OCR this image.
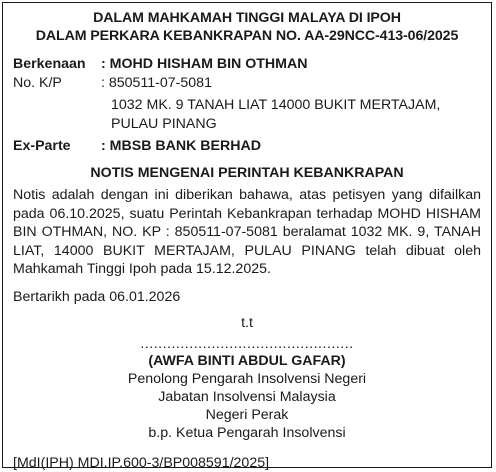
DALAM MAHKAMAH TINGGI MALAYA DI IPOH
DALAM PERKARA KEBANKRAPAN NO. AA-29NCC-413-06/2025
Berkenaan	: MOHD HISHAM BIN OTHMAN
No. K/P	: 850511-07-5081
1032 MK. 9 TANAH LIAT 14000 BUKIT MERTAJAM,
PULAU PINANG
Ex-Parte	: MBSB BANK BERHAD
NOTIS MENGENAI PERINTAH KEBANKRAPAN
Notis adalah dengan ini diberikan bahawa, atas petisyen yang difailkan pada 06.10.2025, suatu Perintah Kebankrapan terhadap MOHD HISHAM BIN OTHMAN, NO. KP : 850511-07-5081 beralamat 1032 MK. 9, TANAH LIAT, 14000 BUKIT MERTAJAM, PULAU PINANG telah dibuat oleh Mahkamah Tinggi Ipoh pada 15.12.2025.
Bertarikh pada 06.01.2026
t.t
................................................
(AWFA BINTI ABDUL GAFAR)
Penolong Pengarah Insolvensi Negeri
Jabatan Insolvensi Malaysia
Negeri Perak
b.p. Ketua Pengarah Insolvensi
[MdI(IPH) MDI.IP.600-3/BP008591/2025]
